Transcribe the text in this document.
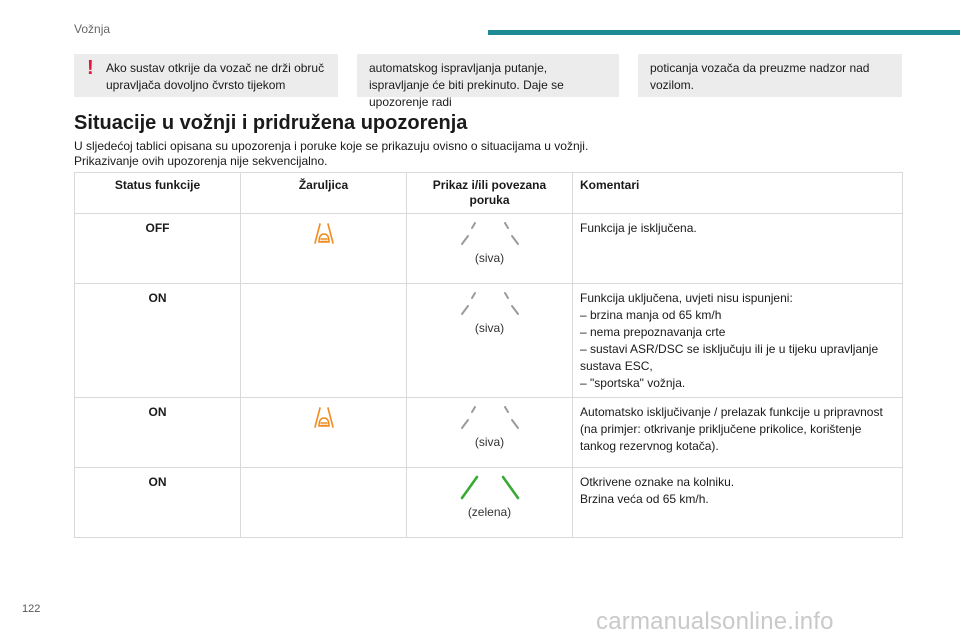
Vožnja
! Ako sustav otkrije da vozač ne drži obruč upravljača dovoljno čvrsto tijekom
automatskog ispravljanja putanje, ispravljanje će biti prekinuto. Daje se upozorenje radi
poticanja vozača da preuzme nadzor nad vozilom.
Situacije u vožnji i pridružena upozorenja
U sljedećoj tablici opisana su upozorenja i poruke koje se prikazuju ovisno o situacijama u vožnji.
Prikazivanje ovih upozorenja nije sekvencijalno.
Status funkcije	Žaruljica	Prikaz i/ili povezana poruka	Komentari
OFF		(siva)	Funkcija je isključena.

ON		(siva)	Funkcija uključena, uvjeti nisu ispunjeni:
– brzina manja od 65 km/h
– nema prepoznavanja crte
– sustavi ASR/DSC se isključuju ili je u tijeku upravljanje sustava ESC,
– "sportska" vožnja.

ON		(siva)	Automatsko isključivanje / prelazak funkcije u pripravnost (na primjer: otkrivanje priključene prikolice, korištenje tankog rezervnog kotača).

ON		(zelena)	Otkrivene oznake na kolniku.
Brzina veća od 65 km/h.
122	carmanualsonline.info
